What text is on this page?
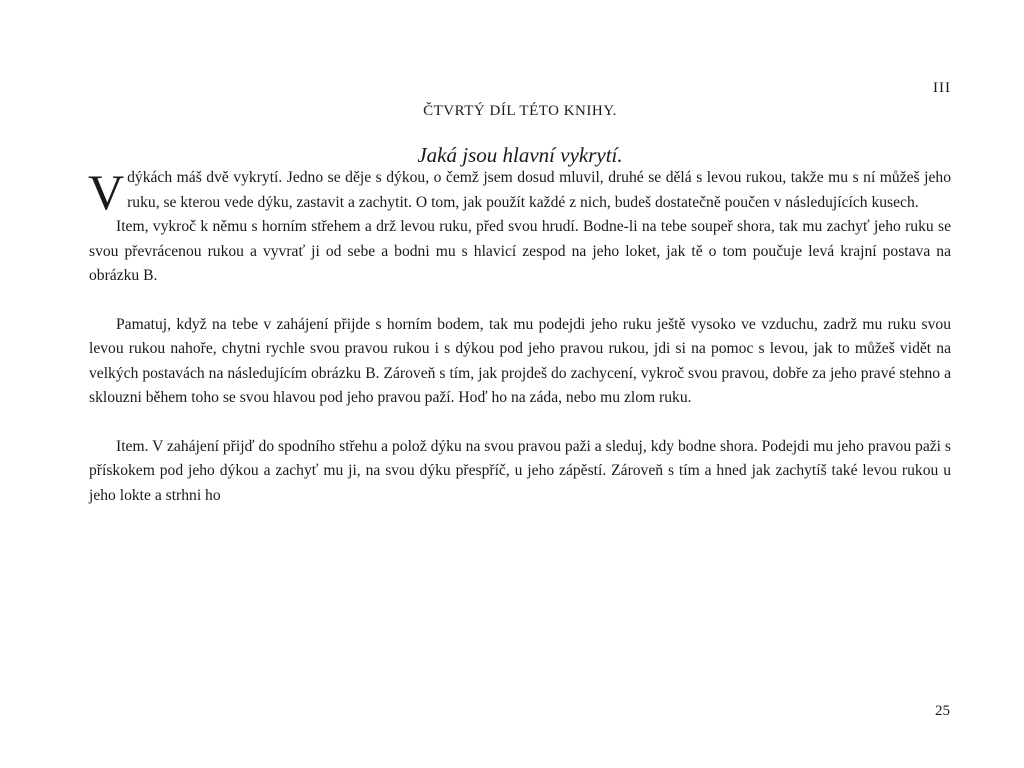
III
ČTVRTÝ DÍL TÉTO KNIHY.
Jaká jsou hlavní vykrytí.

Vdýkách máš dvě vykrytí. Jedno se děje s dýkou, o čemž jsem dosud mluvil, druhé se dělá s levou rukou, takže mu s ní můžeš jeho ruku, se kterou vede dýku, zastavit a zachytit. O tom, jak použít každé z nich, budeš dostatečně poučen v následujících kusech.

Item, vykroč k němu s horním střehem a drž levou ruku, před svou hrudí. Bodne-li na tebe soupeř shora, tak mu zachyť jeho ruku se svou převrácenou rukou a vyvrať ji od sebe a bodni mu s hlavicí zespod na jeho loket, jak tě o tom poučuje levá krajní postava na obrázku B.

Pamatuj, když na tebe v zahájení přijde s horním bodem, tak mu podejdi jeho ruku ještě vysoko ve vzduchu, zadrž mu ruku svou levou rukou nahoře, chytni rychle svou pravou rukou i s dýkou pod jeho pravou rukou, jdi si na pomoc s levou, jak to můžeš vidět na velkých postavách na následujícím obrázku B. Zároveň s tím, jak projdeš do zachycení, vykroč svou pravou, dobře za jeho pravé stehno a sklouzni během toho se svou hlavou pod jeho pravou paží. Hoď ho na záda, nebo mu zlom ruku.

Item. V zahájení přijď do spodního střehu a polož dýku na svou pravou paži a sleduj, kdy bodne shora. Podejdi mu jeho pravou paži s přískokem pod jeho dýkou a zachyť mu ji, na svou dýku přespříč, u jeho zápěstí. Zároveň s tím a hned jak zachytíš také levou rukou u jeho lokte a strhni ho

25
